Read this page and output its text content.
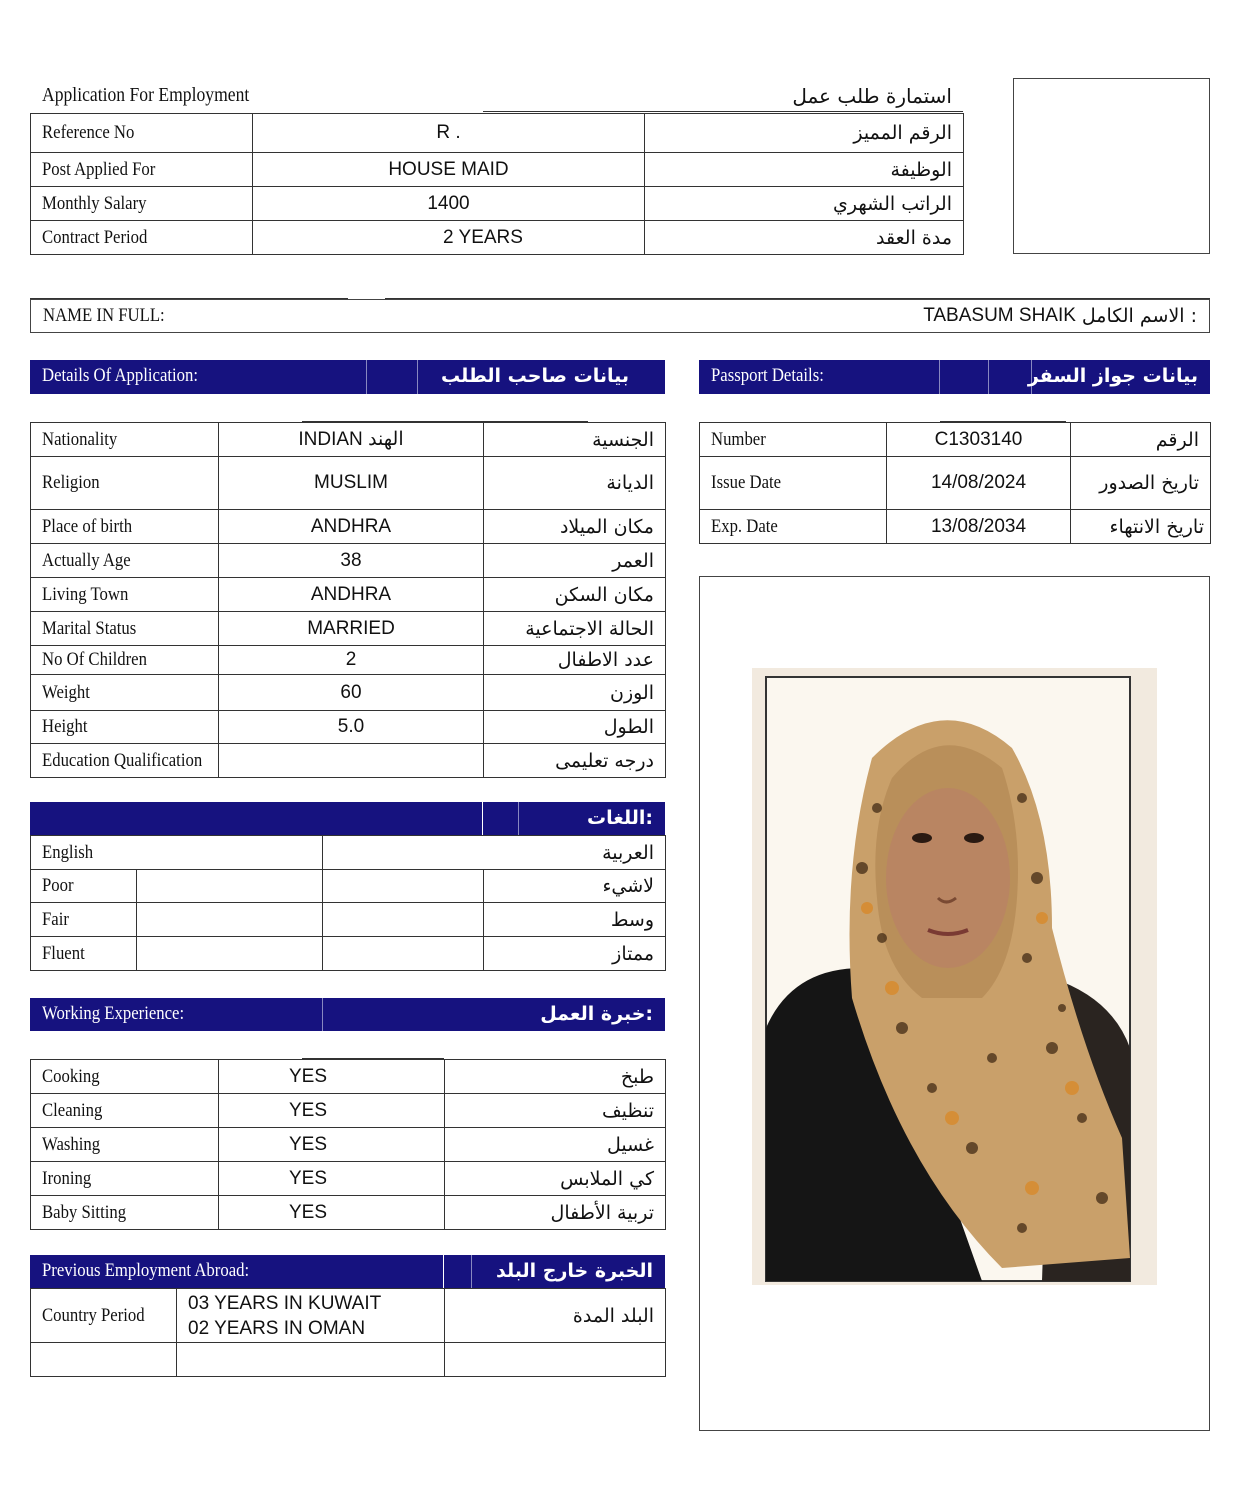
Application For Employment	استمارة طلب عمل
Reference No	R .	الرقم المميز
Post Applied For	HOUSE MAID	الوظيفة
Monthly Salary	1400	الراتب الشهري
Contract Period	2 YEARS	مدة العقد
NAME IN FULL:	TABASUM SHAIK : الاسم الكامل
Details Of Application:	بيانات صاحب الطلب	Passport Details:	بيانات جواز السفر
Nationality	INDIAN الهند	الجنسية
Religion	MUSLIM	الديانة
Place of birth	ANDHRA	مكان الميلاد
Actually Age	38	العمر
Living Town	ANDHRA	مكان السكن
Marital Status	MARRIED	الحالة الاجتماعية
No Of Children	2	عدد الاطفال
Weight	60	الوزن
Height	5.0	الطول
Education Qualification		درجه تعليمى
Number	C1303140	الرقم
Issue Date	14/08/2024	تاريخ الصدور
Exp. Date	13/08/2034	تاريخ الانتهاء
:اللغات
English		العربية	
Poor			لاشيء
Fair			وسط
Fluent			ممتاز
Working Experience:	:خبرة العمل
Cooking	YES	طبخ
Cleaning	YES	تنظيف
Washing	YES	غسيل
Ironing	YES	كي الملابس
Baby Sitting	YES	تربية الأطفال
Previous Employment Abroad:	الخبرة خارج البلد
Country Period	03 YEARS IN KUWAIT      02 YEARS IN OMAN	البلد المدة
